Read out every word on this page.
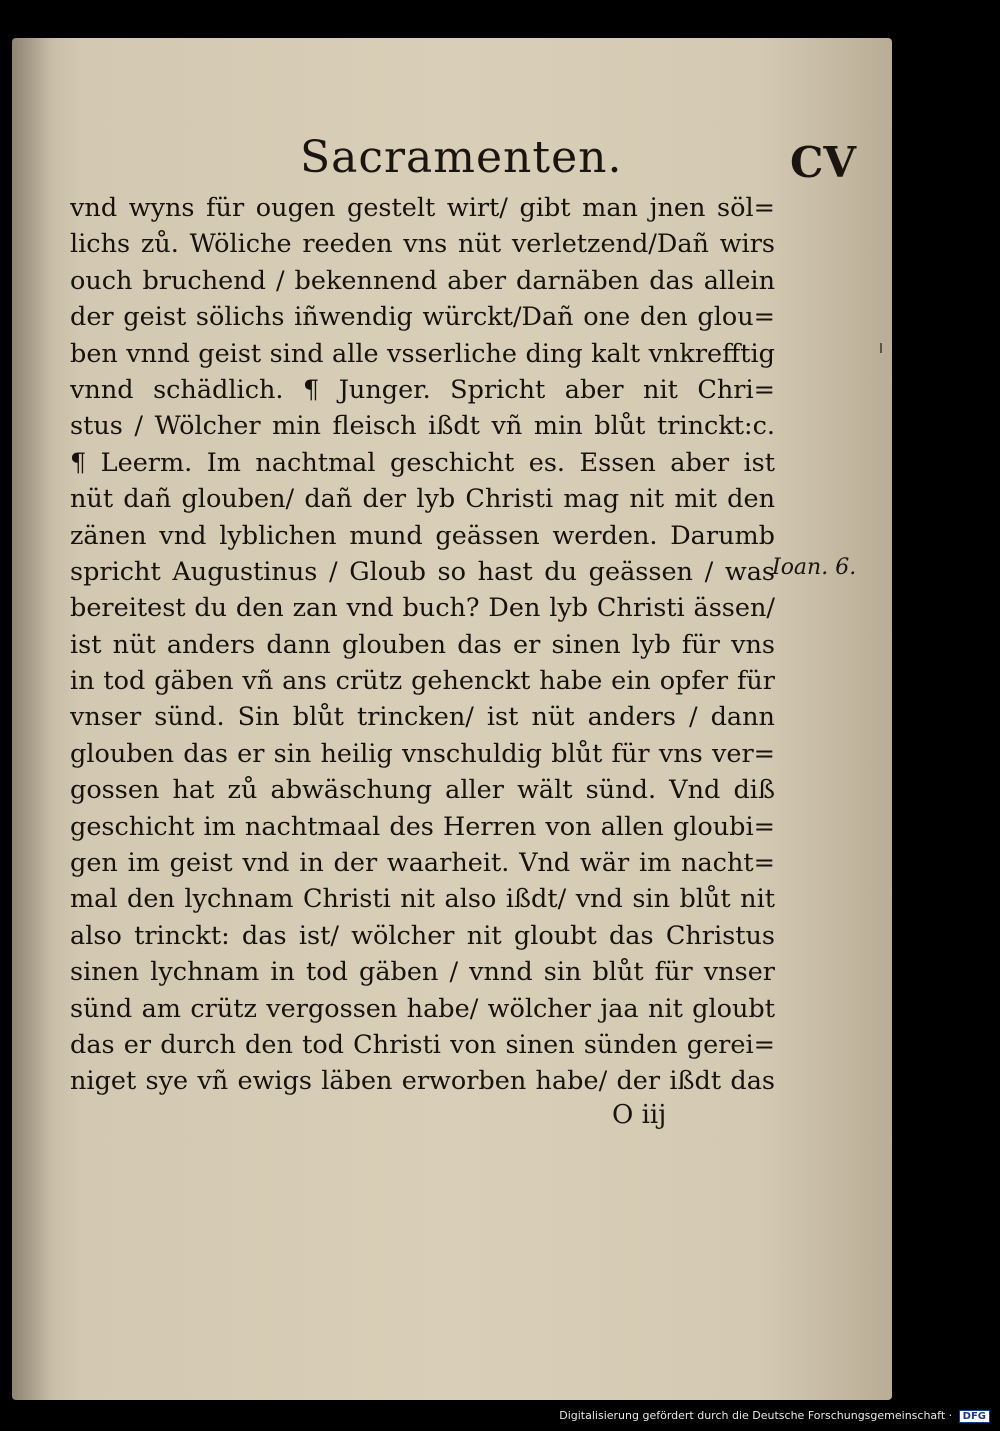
Sacramenten.	CV
vnd wyns für ougen gestelt wirt/ gibt man jnen söl=
lichs zů. Wöliche reeden vns nüt verletzend/Dañ wirs
ouch bruchend / bekennend aber darnäben das allein
der geist sölichs iñwendig würckt/Dañ one den glou=
ben vnnd geist sind alle vsserliche ding kalt vnkrefftig
vnnd schädlich. ¶ Junger. Spricht aber nit Chri=
stus / Wölcher min fleisch ißdt vñ min blůt trinckt:c.
¶ Leerm. Im nachtmal geschicht es. Essen aber ist
nüt dañ glouben/ dañ der lyb Christi mag nit mit den
zänen vnd lyblichen mund geässen werden. Darumb
spricht Augustinus / Gloub so hast du geässen / was
bereitest du den zan vnd buch? Den lyb Christi ässen/
ist nüt anders dann glouben das er sinen lyb für vns
in tod gäben vñ ans crütz gehenckt habe ein opfer für
vnser sünd. Sin blůt trincken/ ist nüt anders / dann
glouben das er sin heilig vnschuldig blůt für vns ver=
gossen hat zů abwäschung aller wält sünd. Vnd diß
geschicht im nachtmaal des Herren von allen gloubi=
gen im geist vnd in der waarheit. Vnd wär im nacht=
mal den lychnam Christi nit also ißdt/ vnd sin blůt nit
also trinckt: das ist/ wölcher nit gloubt das Christus
sinen lychnam in tod gäben / vnnd sin blůt für vnser
sünd am crütz vergossen habe/ wölcher jaa nit gloubt
das er durch den tod Christi von sinen sünden gerei=
niget sye vñ ewigs läben erworben habe/ der ißdt das
Ioan. 6.
O iij
Digitalisierung gefördert durch die Deutsche Forschungsgemeinschaft · DFG
